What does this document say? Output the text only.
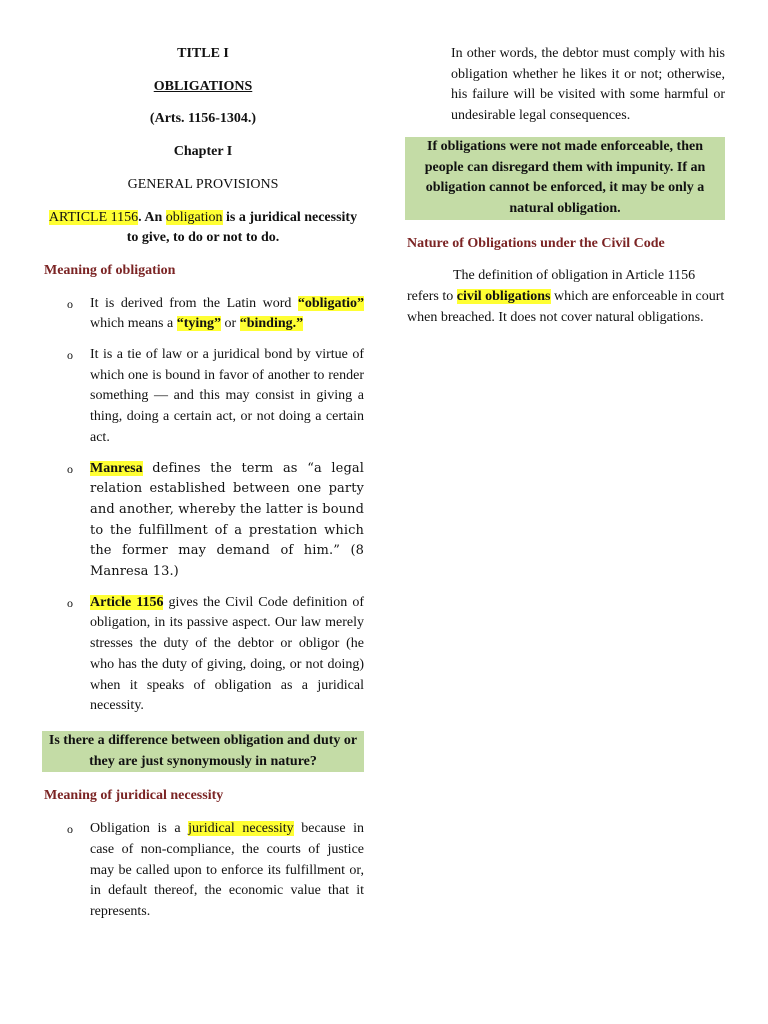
TITLE I
OBLIGATIONS
(Arts. 1156-1304.)
Chapter I
GENERAL PROVISIONS
ARTICLE 1156. An obligation is a juridical necessity to give, to do or not to do.

Meaning of obligation

o It is derived from the Latin word “obligatio” which means a “tying” or “binding.”
o It is a tie of law or a juridical bond by virtue of which one is bound in favor of another to render something — and this may consist in giving a thing, doing a certain act, or not doing a certain act.
o Manresa defines the term as “a legal relation established between one party and another, whereby the latter is bound to the fulfillment of a prestation which the former may demand of him.” (8 Manresa 13.)
o Article 1156 gives the Civil Code definition of obligation, in its passive aspect. Our law merely stresses the duty of the debtor or obligor (he who has the duty of giving, doing, or not doing) when it speaks of obligation as a juridical necessity.
Is there a difference between obligation and duty or they are just synonymously in nature?

Meaning of juridical necessity

o Obligation is a juridical necessity because in case of non-compliance, the courts of justice may be called upon to enforce its fulfillment or, in default thereof, the economic value that it represents.

In other words, the debtor must comply with his obligation whether he likes it or not; otherwise, his failure will be visited with some harmful or undesirable legal consequences.

If obligations were not made enforceable, then people can disregard them with impunity. If an obligation cannot be enforced, it may be only a natural obligation.

Nature of Obligations under the Civil Code

The definition of obligation in Article 1156 refers to civil obligations which are enforceable in court when breached. It does not cover natural obligations.
